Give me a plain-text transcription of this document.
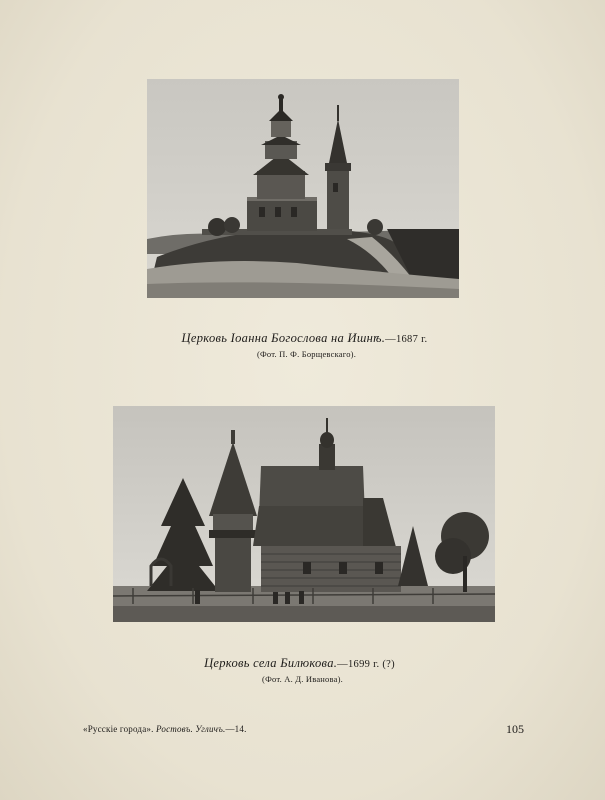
Церковь Іоанна Богослова на Ишнѣ.—1687 г.
(Фот. П. Ф. Борщевскаго).
Церковь села Билюкова.—1699 г. (?)
(Фот. А. Д. Иванова).
«Русскіе города». Ростовъ. Угличъ.—14.	105
